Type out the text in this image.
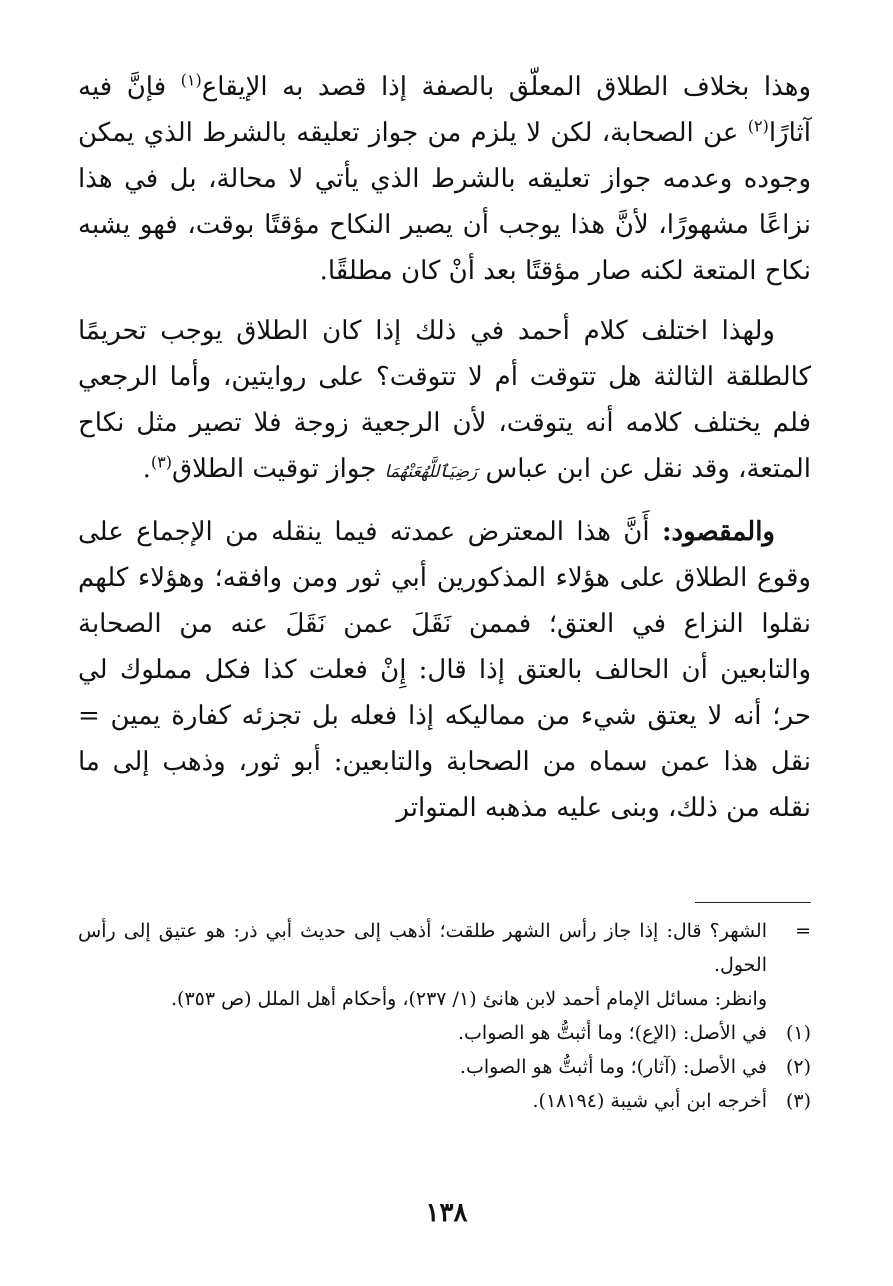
وهذا بخلاف الطلاق المعلّق بالصفة إذا قصد به الإيقاع$^{(١)}$ فإنَّ فيه آثارًا$^{(٢)}$ عن الصحابة، لكن لا يلزم من جواز تعليقه بالشرط الذي يمكن وجوده وعدمه جواز تعليقه بالشرط الذي يأتي لا محالة، بل في هذا نزاعًا مشهورًا، لأنَّ هذا يوجب أن يصير النكاح مؤقتًا بوقت، فهو يشبه نكاح المتعة لكنه صار مؤقتًا بعد أنْ كان مطلقًا.

ولهذا اختلف كلام أحمد في ذلك إذا كان الطلاق يوجب تحريمًا كالطلقة الثالثة هل تتوقت أم لا تتوقت؟ على روايتين، وأما الرجعي فلم يختلف كلامه أنه يتوقت، لأن الرجعية زوجة فلا تصير مثل نكاح المتعة، وقد نقل عن ابن عباس رَضِيَٱللَّهُعَنْهُمَا جواز توقيت الطلاق$^{(٣)}$.

والمقصود: أَنَّ هذا المعترض عمدته فيما ينقله من الإجماع على وقوع الطلاق على هؤلاء المذكورين أبي ثور ومن وافقه؛ وهؤلاء كلهم نقلوا النزاع في العتق؛ فممن نَقَلَ عمن نَقَلَ عنه من الصحابة والتابعين أن الحالف بالعتق إذا قال: إِنْ فعلت كذا فكل مملوك لي حر؛ أنه لا يعتق شيء من مماليكه إذا فعله بل تجزئه كفارة يمين = نقل هذا عمن سماه من الصحابة والتابعين: أبو ثور، وذهب إلى ما نقله من ذلك، وبنى عليه مذهبه المتواتر

=
الشهر؟ قال: إذا جاز رأس الشهر طلقت؛ أذهب إلى حديث أبي ذر: هو عتيق إلى رأس الحول.
وانظر: مسائل الإمام أحمد لابن هانئ (١/ ٢٣٧)، وأحكام أهل الملل (ص ٣٥٣).
(١)
في الأصل: (الإع)؛ وما أثبتُّ هو الصواب.
(٢)
في الأصل: (آثار)؛ وما أثبتُّ هو الصواب.
(٣)
أخرجه ابن أبي شيبة (١٨١٩٤).
١٣٨
